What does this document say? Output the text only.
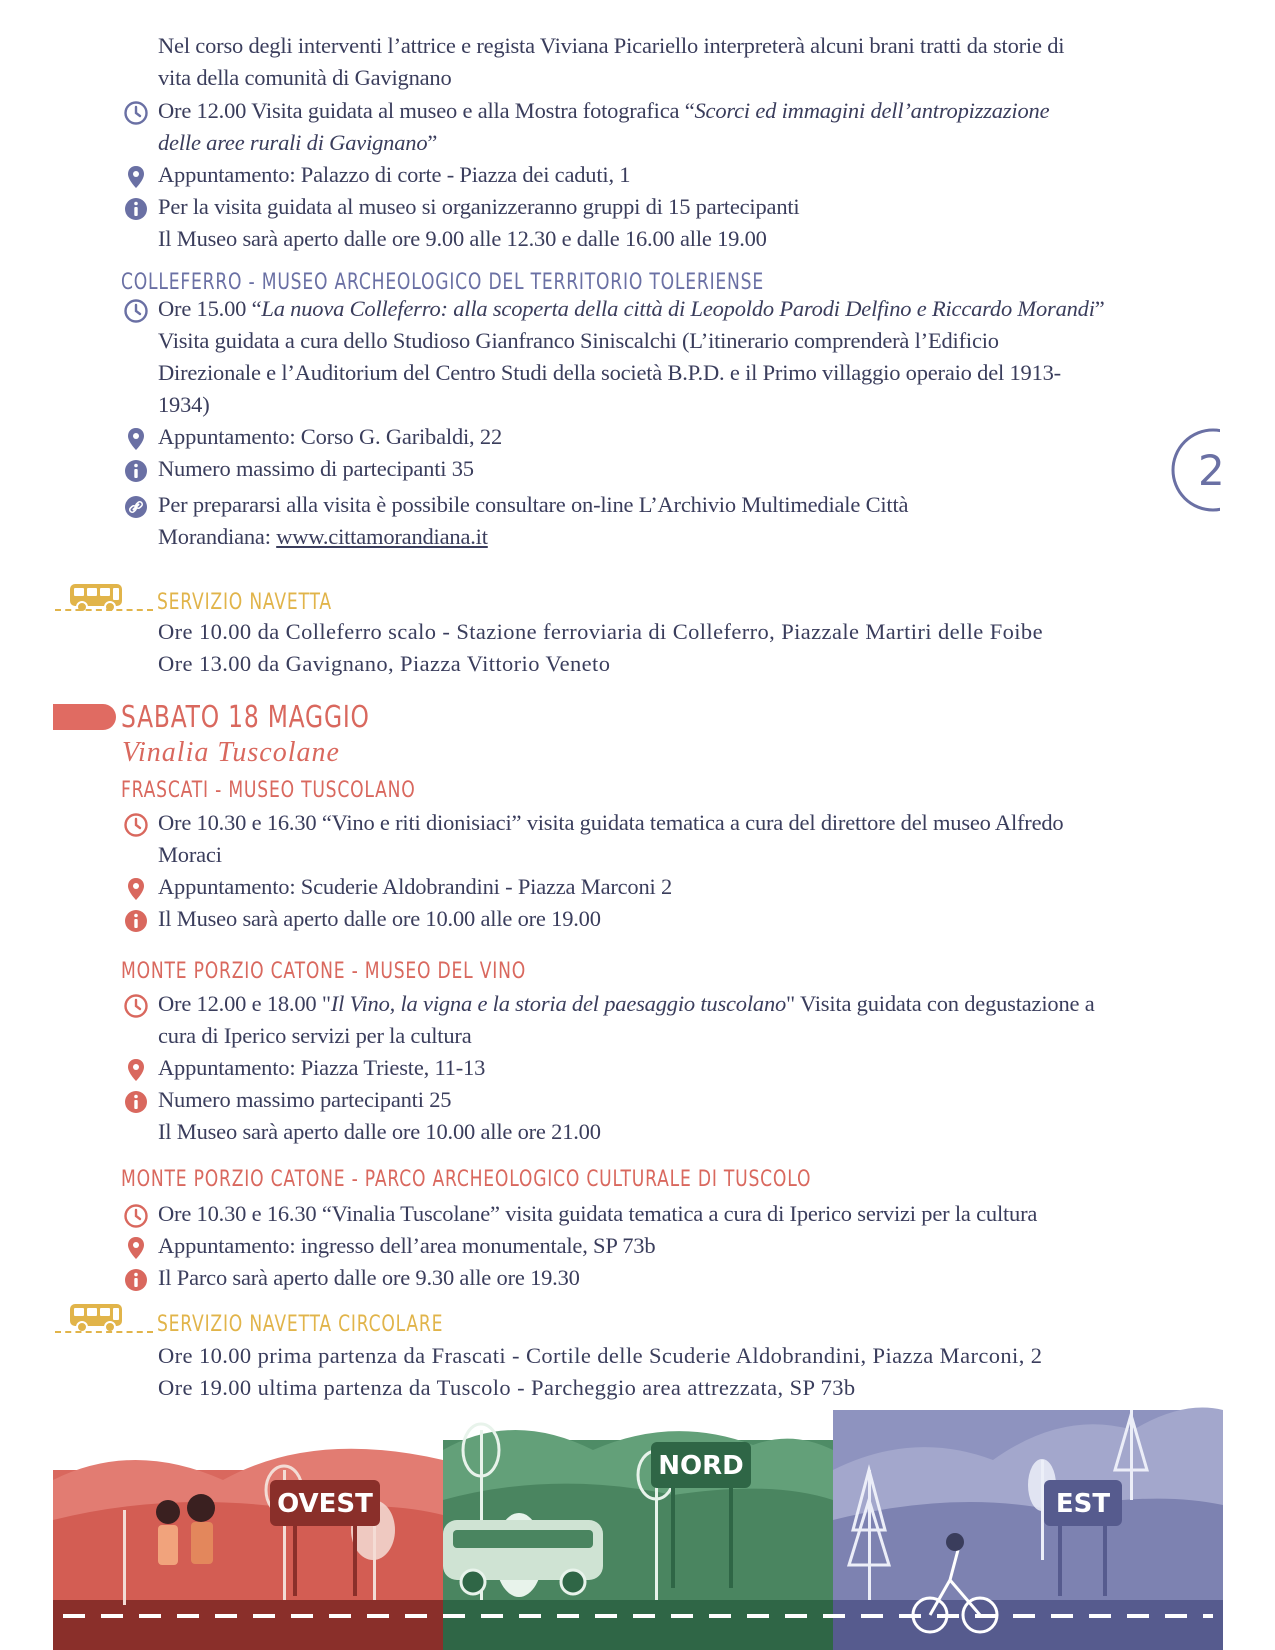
Nel corso degli interventi l’attrice e regista Viviana Picariello interpreterà alcuni brani tratti da storie di
vita della comunità di Gavignano
Ore 12.00 Visita guidata al museo e alla Mostra fotografica “Scorci ed immagini dell’antropizzazione
delle aree rurali di Gavignano”
Appuntamento: Palazzo di corte - Piazza dei caduti, 1
Per la visita guidata al museo si organizzeranno gruppi di 15 partecipanti
Il Museo sarà aperto dalle ore 9.00 alle 12.30 e dalle 16.00 alle 19.00
COLLEFERRO - MUSEO ARCHEOLOGICO DEL TERRITORIO TOLERIENSE
Ore 15.00 “La nuova Colleferro: alla scoperta della città di Leopoldo Parodi Delfino e Riccardo Morandi”
Visita guidata a cura dello Studioso Gianfranco Siniscalchi (L’itinerario comprenderà l’Edificio
Direzionale e l’Auditorium del Centro Studi della società B.P.D. e il Primo villaggio operaio del 1913-
1934)
Appuntamento: Corso G. Garibaldi, 22
Numero massimo di partecipanti 35
Per prepararsi alla visita è possibile consultare on-line L’Archivio Multimediale Città
Morandiana: www.cittamorandiana.it
2
SERVIZIO NAVETTA
Ore 10.00 da Colleferro scalo - Stazione ferroviaria di Colleferro, Piazzale Martiri delle Foibe
Ore 13.00 da Gavignano, Piazza Vittorio Veneto
SABATO 18 MAGGIO
Vinalia Tuscolane
FRASCATI - MUSEO TUSCOLANO
Ore 10.30 e 16.30 “Vino e riti dionisiaci” visita guidata tematica a cura del direttore del museo Alfredo
Moraci
Appuntamento: Scuderie Aldobrandini - Piazza Marconi 2
Il Museo sarà aperto dalle ore 10.00 alle ore 19.00
MONTE PORZIO CATONE - MUSEO DEL VINO
Ore 12.00 e 18.00 "Il Vino, la vigna e la storia del paesaggio tuscolano" Visita guidata con degustazione a
cura di Iperico servizi per la cultura
Appuntamento: Piazza Trieste, 11-13
Numero massimo partecipanti 25
Il Museo sarà aperto dalle ore 10.00 alle ore 21.00
MONTE PORZIO CATONE - PARCO ARCHEOLOGICO CULTURALE DI TUSCOLO
Ore 10.30 e 16.30 “Vinalia Tuscolane” visita guidata tematica a cura di Iperico servizi per la cultura
Appuntamento: ingresso dell’area monumentale, SP 73b
Il Parco sarà aperto dalle ore 9.30 alle ore 19.30
SERVIZIO NAVETTA CIRCOLARE
Ore 10.00 prima partenza da Frascati - Cortile delle Scuderie Aldobrandini, Piazza Marconi, 2
Ore 19.00 ultima partenza da Tuscolo - Parcheggio area attrezzata, SP 73b
OVEST
NORD
EST
